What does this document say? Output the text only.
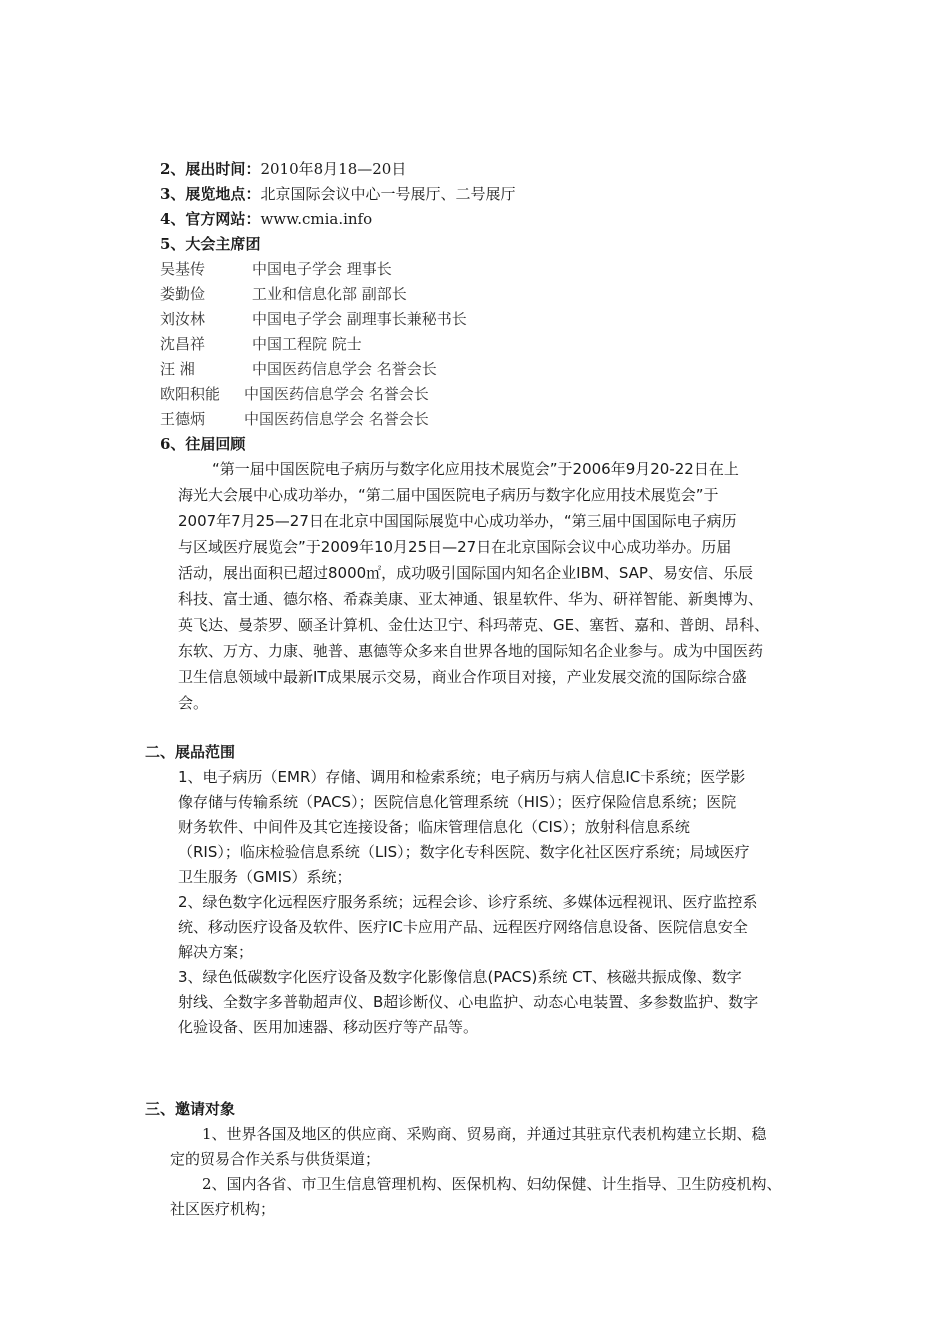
2、展出时间：2010年8月18—20日
3、展览地点：北京国际会议中心一号展厅、二号展厅
4、官方网站：www.cmia.info
5、大会主席团
吴基传	中国电子学会 理事长
娄勤俭	工业和信息化部 副部长
刘汝林	中国电子学会 副理事长兼秘书长
沈昌祥	中国工程院 院士
汪 湘	中国医药信息学会 名誉会长
欧阳积能 中国医药信息学会 名誉会长
王德炳	中国医药信息学会 名誉会长
6、往届回顾
“第一届中国医院电子病历与数字化应用技术展览会”于2006年9月20-22日在上
海光大会展中心成功举办，“第二届中国医院电子病历与数字化应用技术展览会”于
2007年7月25—27日在北京中国国际展览中心成功举办，“第三届中国国际电子病历
与区域医疗展览会”于2009年10月25日—27日在北京国际会议中心成功举办。历届
活动，展出面积已超过8000㎡，成功吸引国际国内知名企业IBM、SAP、易安信、乐辰
科技、富士通、德尔格、希森美康、亚太神通、银星软件、华为、研祥智能、新奥博为、
英飞达、曼荼罗、颐圣计算机、金仕达卫宁、科玛蒂克、GE、塞哲、嘉和、普朗、昂科、
东软、万方、力康、驰普、惠德等众多来自世界各地的国际知名企业参与。成为中国医药
卫生信息领域中最新IT成果展示交易，商业合作项目对接，产业发展交流的国际综合盛
会。
二、展品范围
1、电子病历（EMR）存储、调用和检索系统；电子病历与病人信息IC卡系统；医学影
像存储与传输系统（PACS）；医院信息化管理系统（HIS）；医疗保险信息系统；医院
财务软件、中间件及其它连接设备；临床管理信息化（CIS）；放射科信息系统
（RIS）；临床检验信息系统（LIS）；数字化专科医院、数字化社区医疗系统；局域医疗
卫生服务（GMIS）系统；
2、绿色数字化远程医疗服务系统；远程会诊、诊疗系统、多媒体远程视讯、医疗监控系
统、移动医疗设备及软件、医疗IC卡应用产品、远程医疗网络信息设备、医院信息安全
解决方案；
3、绿色低碳数字化医疗设备及数字化影像信息(PACS)系统 CT、核磁共振成像、数字
射线、全数字多普勒超声仪、B超诊断仪、心电监护、动态心电装置、多参数监护、数字
化验设备、医用加速器、移动医疗等产品等。
三、邀请对象
1、世界各国及地区的供应商、采购商、贸易商，并通过其驻京代表机构建立长期、稳
定的贸易合作关系与供货渠道；
2、国内各省、市卫生信息管理机构、医保机构、妇幼保健、计生指导、卫生防疫机构、
社区医疗机构；
